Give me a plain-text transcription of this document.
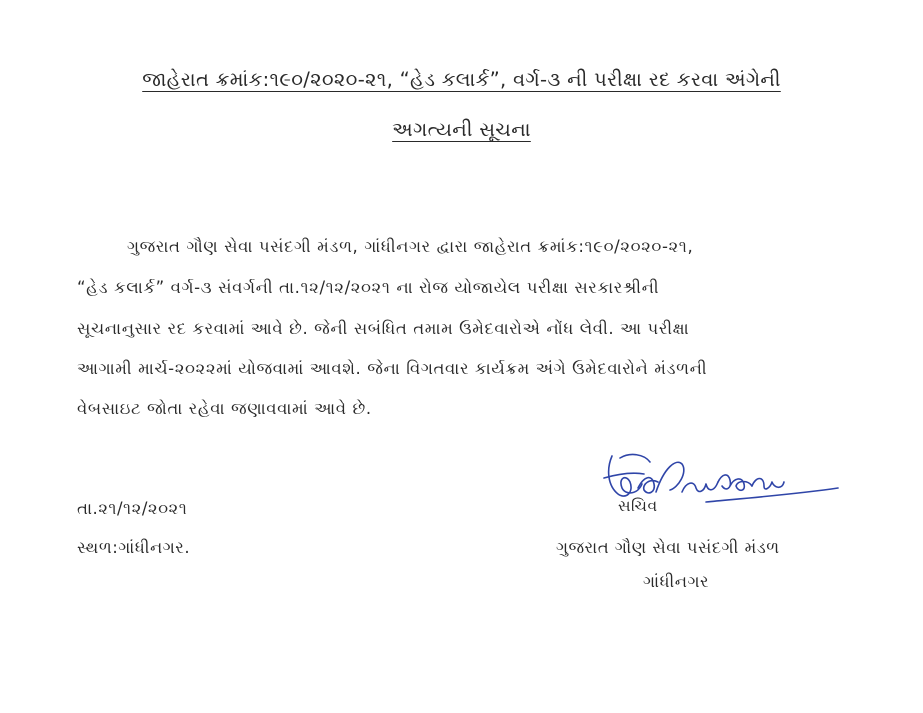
જાહેરાત ક્રમાંક:૧૯૦/૨૦૨૦-૨૧, “હેડ કલાર્ક”, વર્ગ-૩ ની પરીક્ષા રદ કરવા અંગેની
અગત્યની સૂચના
ગુજરાત ગૌણ સેવા પસંદગી મંડળ, ગાંધીનગર દ્વારા જાહેરાત ક્રમાંક:૧૯૦/૨૦૨૦-૨૧,
“હેડ કલાર્ક” વર્ગ-૩ સંવર્ગની તા.૧૨/૧૨/૨૦૨૧ ના રોજ યોજાયેલ પરીક્ષા સરકારશ્રીની
સૂચનાનુસાર રદ કરવામાં આવે છે. જેની સબંધિત તમામ ઉમેદવારોએ નોંધ લેવી. આ પરીક્ષા
આગામી માર્ચ-૨૦૨૨માં યોજવામાં આવશે. જેના વિગતવાર કાર્યક્રમ અંગે ઉમેદવારોને મંડળની
વેબસાઇટ જોતા રહેવા જણાવવામાં આવે છે.
તા.૨૧/૧૨/૨૦૨૧
સ્થળ:ગાંધીનગર.
સચિવ
ગુજરાત ગૌણ સેવા પસંદગી મંડળ
ગાંધીનગર
